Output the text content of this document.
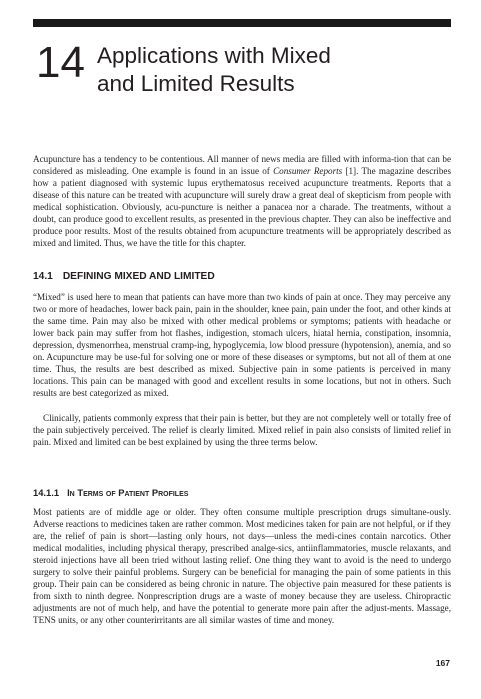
14 Applications with Mixed
and Limited Results

Acupuncture has a tendency to be contentious. All manner of news media are filled with informa-tion that can be considered as misleading. One example is found in an issue of Consumer Reports [1]. The magazine describes how a patient diagnosed with systemic lupus erythematosus received acupuncture treatments. Reports that a disease of this nature can be treated with acupuncture will surely draw a great deal of skepticism from people with medical sophistication. Obviously, acu-puncture is neither a panacea nor a charade. The treatments, without a doubt, can produce good to excellent results, as presented in the previous chapter. They can also be ineffective and produce poor results. Most of the results obtained from acupuncture treatments will be appropriately described as mixed and limited. Thus, we have the title for this chapter.

14.1 DEFINING MIXED AND LIMITED

“Mixed” is used here to mean that patients can have more than two kinds of pain at once. They may perceive any two or more of headaches, lower back pain, pain in the shoulder, knee pain, pain under the foot, and other kinds at the same time. Pain may also be mixed with other medical problems or symptoms; patients with headache or lower back pain may suffer from hot flashes, indigestion, stomach ulcers, hiatal hernia, constipation, insomnia, depression, dysmenorrhea, menstrual cramp-ing, hypoglycemia, low blood pressure (hypotension), anemia, and so on. Acupuncture may be use-ful for solving one or more of these diseases or symptoms, but not all of them at one time. Thus, the results are best described as mixed. Subjective pain in some patients is perceived in many locations. This pain can be managed with good and excellent results in some locations, but not in others. Such results are best categorized as mixed.

Clinically, patients commonly express that their pain is better, but they are not completely well or totally free of the pain subjectively perceived. The relief is clearly limited. Mixed relief in pain also consists of limited relief in pain. Mixed and limited can be best explained by using the three terms below.

14.1.1 In Terms of Patient Profiles

Most patients are of middle age or older. They often consume multiple prescription drugs simultane-ously. Adverse reactions to medicines taken are rather common. Most medicines taken for pain are not helpful, or if they are, the relief of pain is short—lasting only hours, not days—unless the medi-cines contain narcotics. Other medical modalities, including physical therapy, prescribed analge-sics, antiinflammatories, muscle relaxants, and steroid injections have all been tried without lasting relief. One thing they want to avoid is the need to undergo surgery to solve their painful problems. Surgery can be beneficial for managing the pain of some patients in this group. Their pain can be considered as being chronic in nature. The objective pain measured for these patients is from sixth to ninth degree. Nonprescription drugs are a waste of money because they are useless. Chiropractic adjustments are not of much help, and have the potential to generate more pain after the adjust-ments. Massage, TENS units, or any other counterirritants are all similar wastes of time and money.

167
